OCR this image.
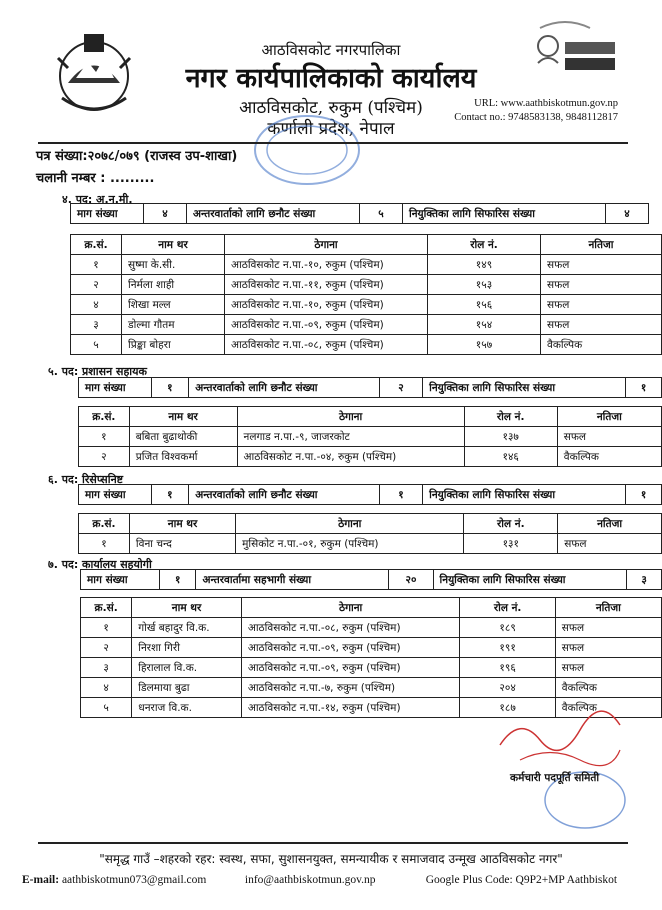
आठविसकोट नगरपालिका
नगर कार्यपालिकाको कार्यालय
आठविसकोट, रुकुम (पश्चिम)
कर्णाली प्रदेश, नेपाल
URL: www.aathbiskotmun.gov.np
Contact no.: 9748583138, 9848112817
पत्र संख्या:२०७८/०७९ (राजस्व उप-शाखा)
चलानी नम्बर : .........
४. पद: अ.न.मी.
माग संख्या	४	अन्तरवार्ताको लागि छनौट संख्या	५	नियुक्तिका लागि सिफारिस संख्या	४
क्र.सं.	नाम थर	ठेगाना	रोल नं.	नतिजा
१	सुष्मा के.सी.	आठविसकोट न.पा.-१०, रुकुम (पश्चिम)	१४९	सफल
२	निर्मला शाही	आठविसकोट न.पा.-११, रुकुम (पश्चिम)	१५३	सफल
४	शिखा मल्ल	आठविसकोट न.पा.-१०, रुकुम (पश्चिम)	१५६	सफल
३	डोल्मा गौतम	आठविसकोट न.पा.-०९, रुकुम (पश्चिम)	१५४	सफल
५	प्रिङ्का बोहरा	आठविसकोट न.पा.-०८, रुकुम (पश्चिम)	१५७	वैकल्पिक
५. पद: प्रशासन सहायक
माग संख्या	१	अन्तरवार्ताको लागि छनौट संख्या	२	नियुक्तिका लागि सिफारिस संख्या	१
क्र.सं.	नाम थर	ठेगाना	रोल नं.	नतिजा
१	बबिता बुढाथोकी	नलगाड न.पा.-९, जाजरकोट	१३७	सफल
२	प्रजित विश्वकर्मा	आठविसकोट न.पा.-०४, रुकुम (पश्चिम)	१४६	वैकल्पिक
६. पद: रिसेप्सनिष्ट
माग संख्या	१	अन्तरवार्ताको लागि छनौट संख्या	१	नियुक्तिका लागि सिफारिस संख्या	१
क्र.सं.	नाम थर	ठेगाना	रोल नं.	नतिजा
१	विना चन्द	मुसिकोट न.पा.-०१, रुकुम (पश्चिम)	१३१	सफल
७. पद: कार्यालय सहयोगी
माग संख्या	१	अन्तरवार्तामा सहभागी संख्या	२०	नियुक्तिका लागि सिफारिस संख्या	३
क्र.सं.	नाम थर	ठेगाना	रोल नं.	नतिजा
१	गोर्ख बहादुर वि.क.	आठविसकोट न.पा.-०८, रुकुम (पश्चिम)	१८९	सफल
२	निरशा गिरी	आठविसकोट न.पा.-०९, रुकुम (पश्चिम)	१९१	सफल
३	हिरालाल वि.क.	आठविसकोट न.पा.-०९, रुकुम (पश्चिम)	१९६	सफल
४	डिलमाया बुढा	आठविसकोट न.पा.-७, रुकुम (पश्चिम)	२०४	वैकल्पिक
५	धनराज वि.क.	आठविसकोट न.पा.-१४, रुकुम (पश्चिम)	१८७	वैकल्पिक
कर्मचारी पदपूर्ति समिती
"समृद्ध गाउँ –शहरको रहर: स्वस्थ, सफा, सुशासनयुक्त, समन्यायीक र समाजवाद उन्मूख आठविसकोट नगर"
E-mail: aathbiskotmun073@gmail.com	info@aathbiskotmun.gov.np	Google Plus Code: Q9P2+MP Aathbiskot
